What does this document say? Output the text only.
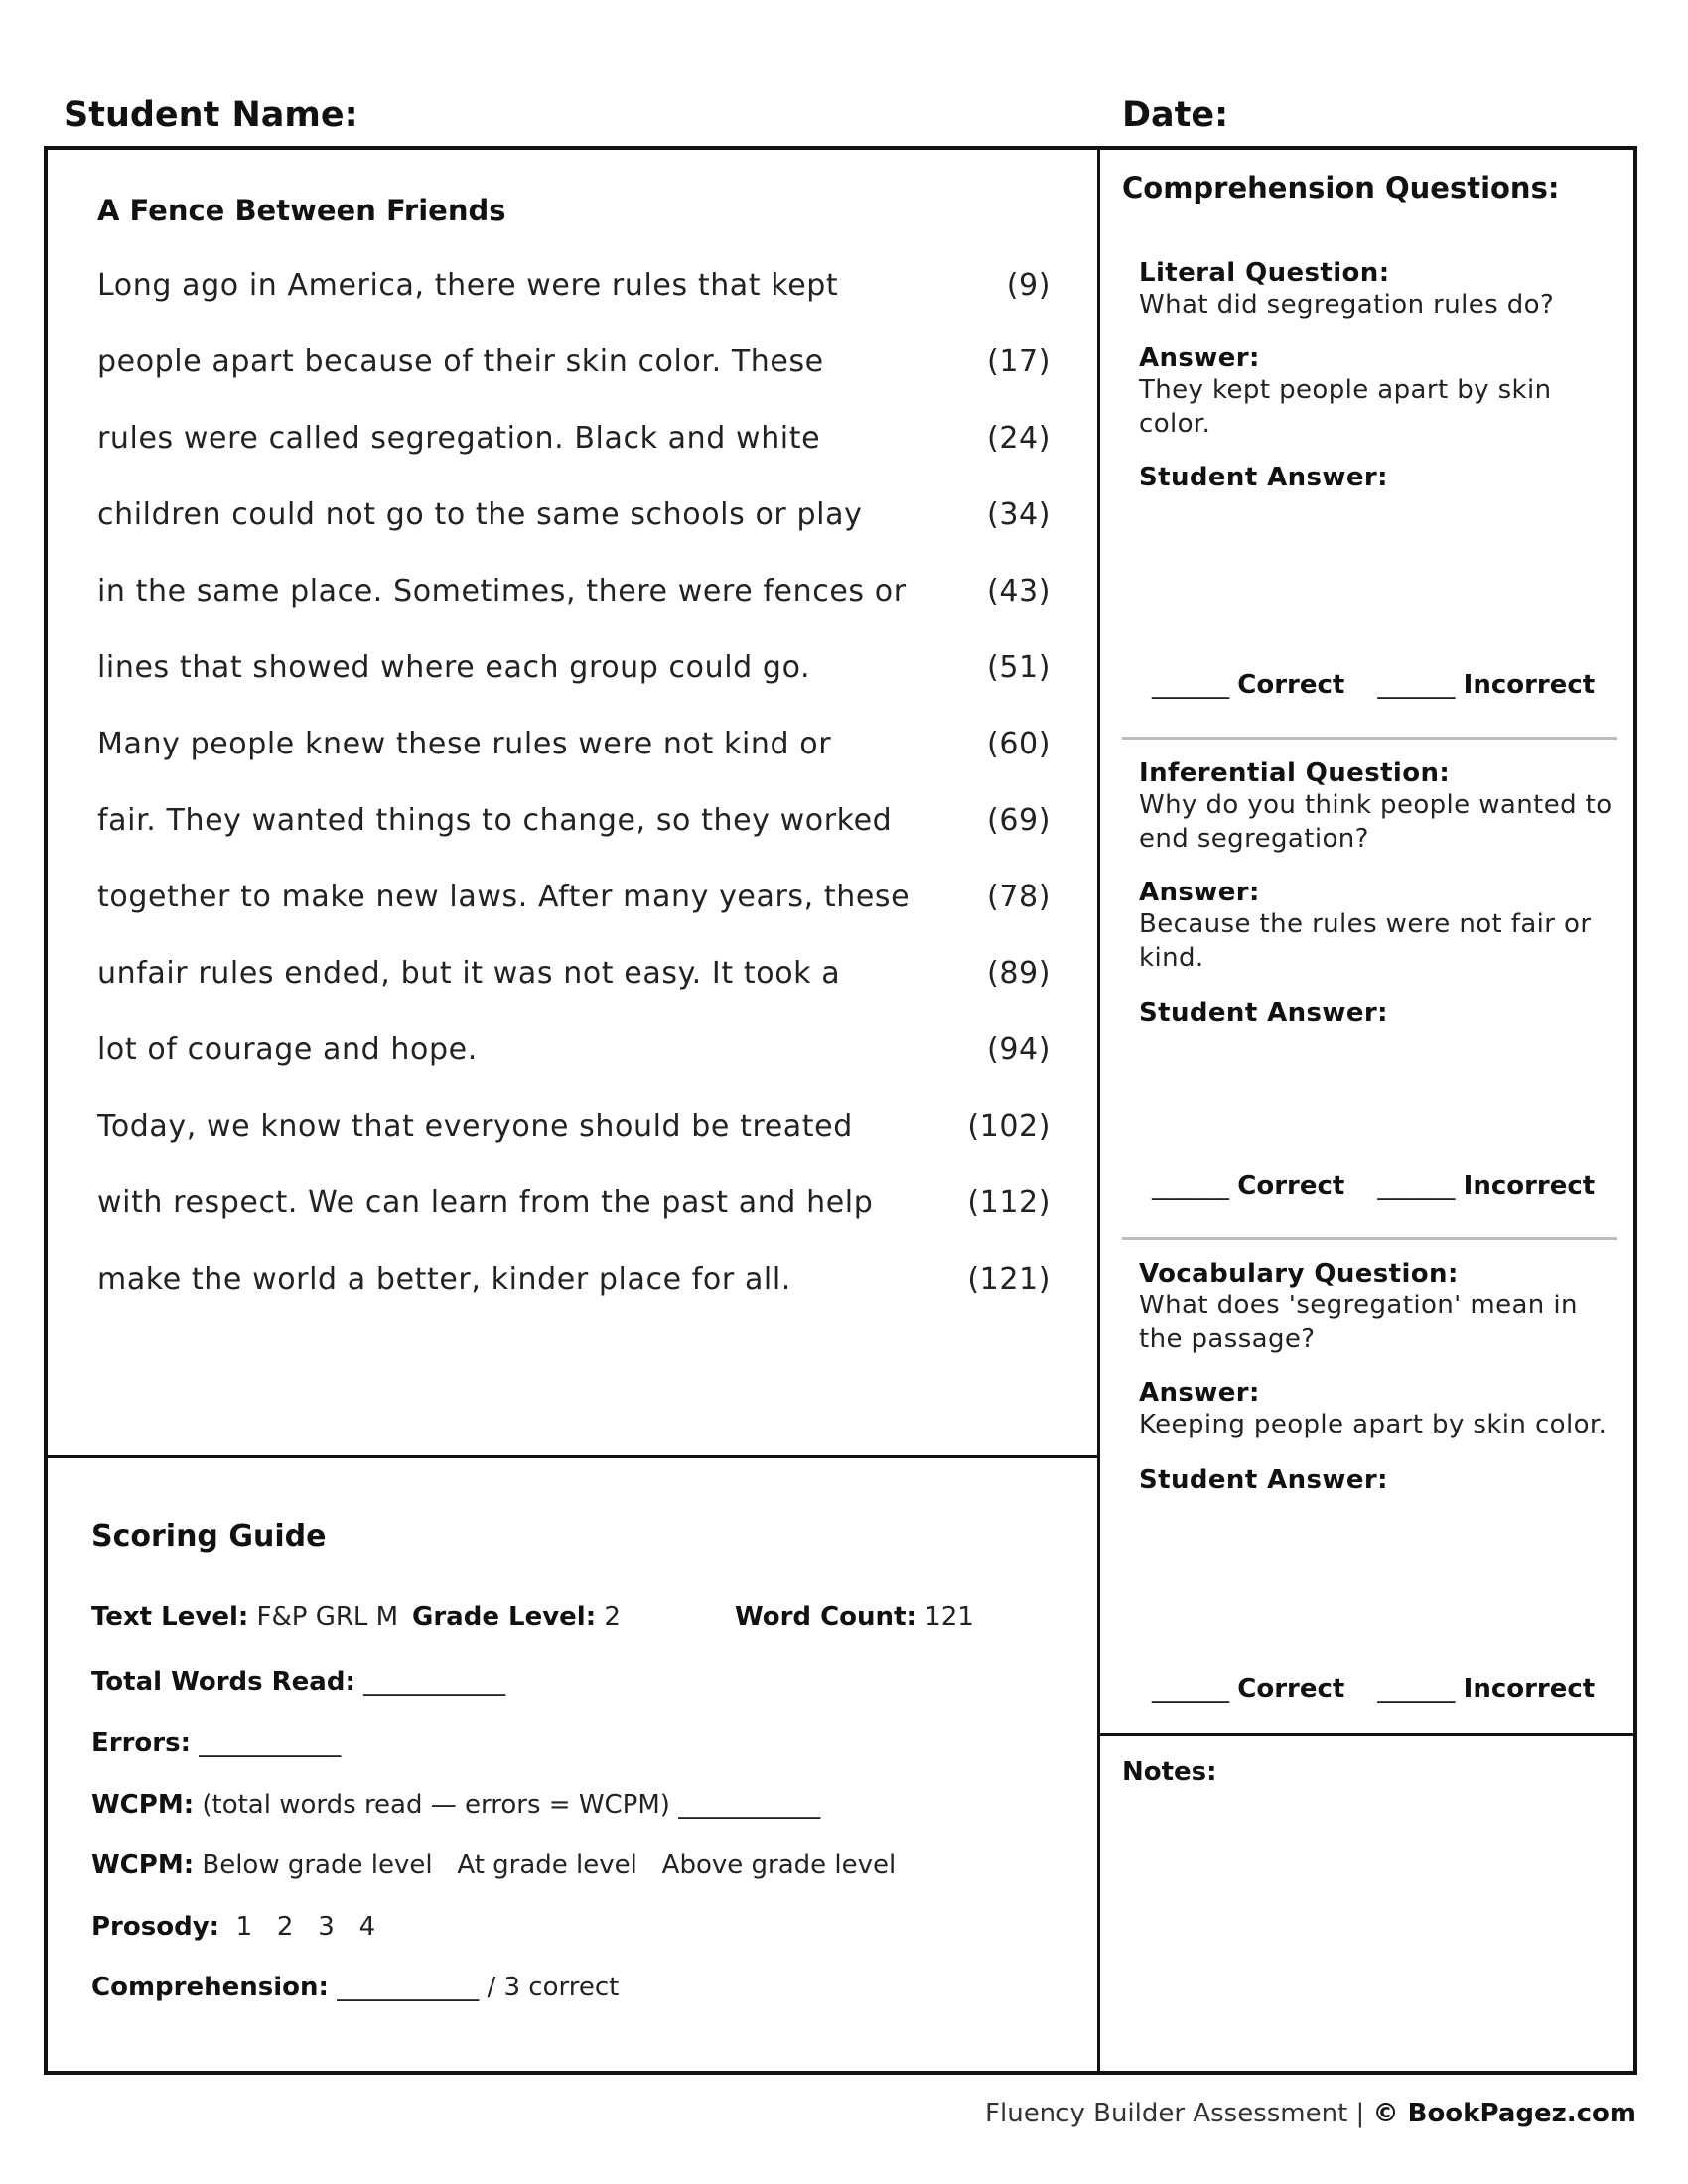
Student Name:	Date:
A Fence Between Friends
Long ago in America, there were rules that kept	(9)
people apart because of their skin color. These	(17)
rules were called segregation. Black and white	(24)
children could not go to the same schools or play	(34)
in the same place. Sometimes, there were fences or	(43)
lines that showed where each group could go.	(51)
Many people knew these rules were not kind or	(60)
fair. They wanted things to change, so they worked	(69)
together to make new laws. After many years, these	(78)
unfair rules ended, but it was not easy. It took a	(89)
lot of courage and hope.	(94)
Today, we know that everyone should be treated	(102)
with respect. We can learn from the past and help	(112)
make the world a better, kinder place for all.	(121)
Scoring Guide
Text Level: F&P GRL M Grade Level: 2	Word Count: 121
Total Words Read: ___________
Errors: ___________
WCPM: (total words read — errors = WCPM) ___________
WCPM: Below grade level   At grade level   Above grade level
Prosody: 1   2   3   4
Comprehension: ___________ / 3 correct
Comprehension Questions:
Literal Question:
What did segregation rules do?
Answer:
They kept people apart by skin color.
Student Answer:
______ Correct ______ Incorrect
Inferential Question:
Why do you think people wanted to end segregation?
Answer:
Because the rules were not fair or kind.
Student Answer:
______ Correct ______ Incorrect
Vocabulary Question:
What does 'segregation' mean in the passage?
Answer:
Keeping people apart by skin color.
Student Answer:
______ Correct ______ Incorrect
Notes:
Fluency Builder Assessment | © BookPagez.com
